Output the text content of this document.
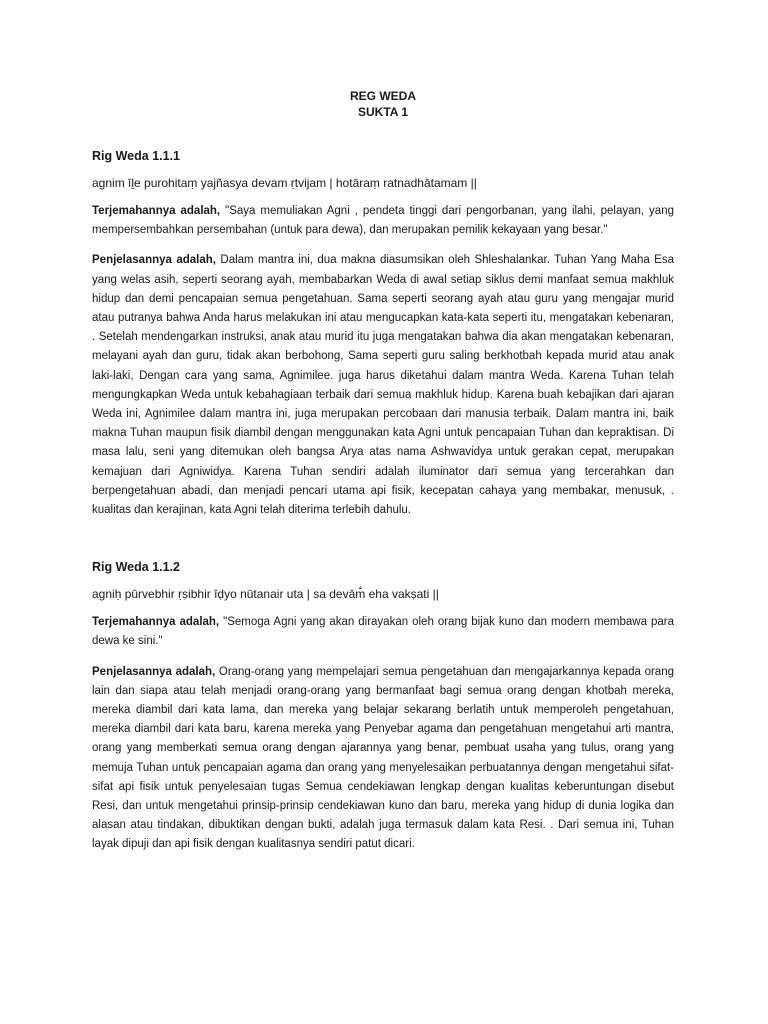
REG WEDA

SUKTA 1

Rig Weda 1.1.1

agnim īḻe purohitaṃ yajñasya devam ṛtvijam | hotāraṃ ratnadhātamam ||

Terjemahannya adalah, "Saya memuliakan Agni , pendeta tinggi dari pengorbanan, yang ilahi, pelayan, yang mempersembahkan persembahan (untuk para dewa), dan merupakan pemilik kekayaan yang besar."

Penjelasannya adalah, Dalam mantra ini, dua makna diasumsikan oleh Shleshalankar. Tuhan Yang Maha Esa yang welas asih, seperti seorang ayah, membabarkan Weda di awal setiap siklus demi manfaat semua makhluk hidup dan demi pencapaian semua pengetahuan. Sama seperti seorang ayah atau guru yang mengajar murid atau putranya bahwa Anda harus melakukan ini atau mengucapkan kata-kata seperti itu, mengatakan kebenaran, . Setelah mendengarkan instruksi, anak atau murid itu juga mengatakan bahwa dia akan mengatakan kebenaran, melayani ayah dan guru, tidak akan berbohong, Sama seperti guru saling berkhotbah kepada murid atau anak laki-laki, Dengan cara yang sama, Agnimilee. juga harus diketahui dalam mantra Weda. Karena Tuhan telah mengungkapkan Weda untuk kebahagiaan terbaik dari semua makhluk hidup. Karena buah kebajikan dari ajaran Weda ini, Agnimilee dalam mantra ini, juga merupakan percobaan dari manusia terbaik. Dalam mantra ini, baik makna Tuhan maupun fisik diambil dengan menggunakan kata Agni untuk pencapaian Tuhan dan kepraktisan. Di masa lalu, seni yang ditemukan oleh bangsa Arya atas nama Ashwavidya untuk gerakan cepat, merupakan kemajuan dari Agniwidya. Karena Tuhan sendiri adalah iluminator dari semua yang tercerahkan dan berpengetahuan abadi, dan menjadi pencari utama api fisik, kecepatan cahaya yang membakar, menusuk, . kualitas dan kerajinan, kata Agni telah diterima terlebih dahulu.

Rig Weda 1.1.2

agniḥ pūrvebhir ṛṣibhir īḍyo nūtanair uta | sa devām̐ eha vakṣati ||

Terjemahannya adalah, "Semoga Agni yang akan dirayakan oleh orang bijak kuno dan modern membawa para dewa ke sini."

Penjelasannya adalah, Orang-orang yang mempelajari semua pengetahuan dan mengajarkannya kepada orang lain dan siapa atau telah menjadi orang-orang yang bermanfaat bagi semua orang dengan khotbah mereka, mereka diambil dari kata lama, dan mereka yang belajar sekarang berlatih untuk memperoleh pengetahuan, mereka diambil dari kata baru, karena mereka yang Penyebar agama dan pengetahuan mengetahui arti mantra, orang yang memberkati semua orang dengan ajarannya yang benar, pembuat usaha yang tulus, orang yang memuja Tuhan untuk pencapaian agama dan orang yang menyelesaikan perbuatannya dengan mengetahui sifat-sifat api fisik untuk penyelesaian tugas Semua cendekiawan lengkap dengan kualitas keberuntungan disebut Resi, dan untuk mengetahui prinsip-prinsip cendekiawan kuno dan baru, mereka yang hidup di dunia logika dan alasan atau tindakan, dibuktikan dengan bukti, adalah juga termasuk dalam kata Resi. . Dari semua ini, Tuhan layak dipuji dan api fisik dengan kualitasnya sendiri patut dicari.
